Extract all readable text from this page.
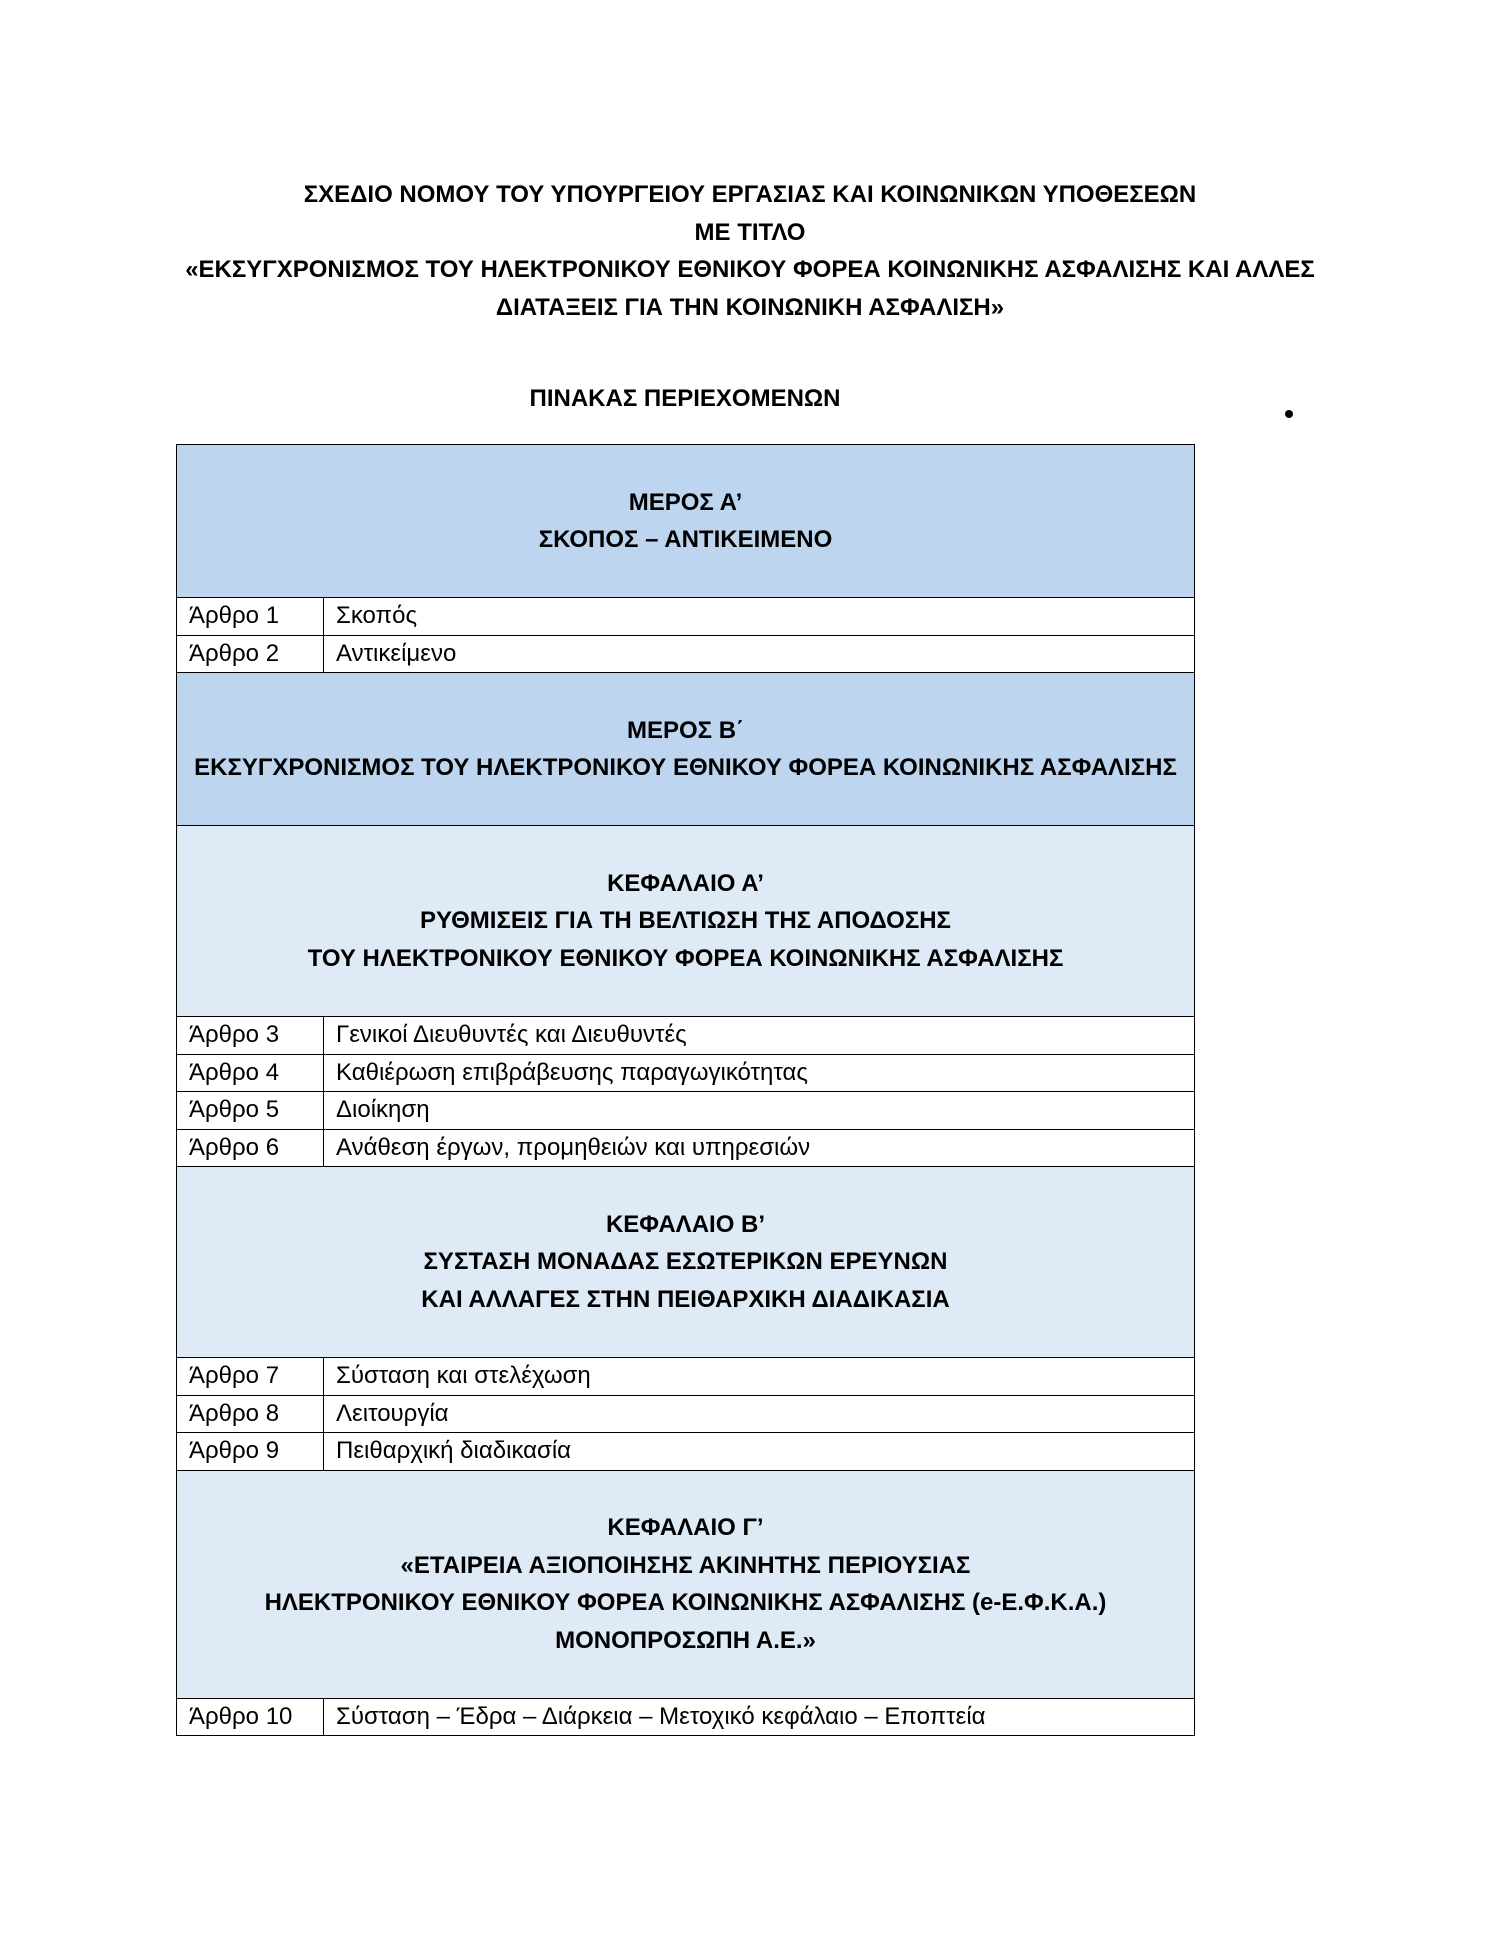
ΣΧΕΔΙΟ ΝΟΜΟΥ ΤΟΥ ΥΠΟΥΡΓΕΙΟΥ ΕΡΓΑΣΙΑΣ ΚΑΙ ΚΟΙΝΩΝΙΚΩΝ ΥΠΟΘΕΣΕΩΝ
ΜΕ ΤΙΤΛΟ
«ΕΚΣΥΓΧΡΟΝΙΣΜΟΣ ΤΟΥ ΗΛΕΚΤΡΟΝΙΚΟΥ ΕΘΝΙΚΟΥ ΦΟΡΕΑ ΚΟΙΝΩΝΙΚΗΣ ΑΣΦΑΛΙΣΗΣ ΚΑΙ ΑΛΛΕΣ
ΔΙΑΤΑΞΕΙΣ ΓΙΑ ΤΗΝ ΚΟΙΝΩΝΙΚΗ ΑΣΦΑΛΙΣΗ»
ΠΙΝΑΚΑΣ ΠΕΡΙΕΧΟΜΕΝΩΝ
ΜΕΡΟΣ Α’
ΣΚΟΠΟΣ – ΑΝΤΙΚΕΙΜΕΝΟ	

Άρθρο 1	Σκοπός
Άρθρο 2	Αντικείμενο

ΜΕΡΟΣ Β΄
ΕΚΣΥΓΧΡΟΝΙΣΜΟΣ ΤΟΥ ΗΛΕΚΤΡΟΝΙΚΟΥ ΕΘΝΙΚΟΥ ΦΟΡΕΑ ΚΟΙΝΩΝΙΚΗΣ ΑΣΦΑΛΙΣΗΣ	

ΚΕΦΑΛΑΙΟ Α’
ΡΥΘΜΙΣΕΙΣ ΓΙΑ ΤΗ ΒΕΛΤΙΩΣΗ ΤΗΣ ΑΠΟΔΟΣΗΣ
ΤΟΥ ΗΛΕΚΤΡΟΝΙΚΟΥ ΕΘΝΙΚΟΥ ΦΟΡΕΑ ΚΟΙΝΩΝΙΚΗΣ ΑΣΦΑΛΙΣΗΣ	

Άρθρο 3	Γενικοί Διευθυντές και Διευθυντές
Άρθρο 4	Καθιέρωση επιβράβευσης παραγωγικότητας
Άρθρο 5	Διοίκηση
Άρθρο 6	Ανάθεση έργων, προμηθειών και υπηρεσιών

ΚΕΦΑΛΑΙΟ Β’
ΣΥΣΤΑΣΗ ΜΟΝΑΔΑΣ ΕΣΩΤΕΡΙΚΩΝ ΕΡΕΥΝΩΝ
ΚΑΙ ΑΛΛΑΓΕΣ ΣΤΗΝ ΠΕΙΘΑΡΧΙΚΗ ΔΙΑΔΙΚΑΣΙΑ	

Άρθρο 7	Σύσταση και στελέχωση
Άρθρο 8	Λειτουργία
Άρθρο 9	Πειθαρχική διαδικασία

ΚΕΦΑΛΑΙΟ Γ’
«ΕΤΑΙΡΕΙΑ ΑΞΙΟΠΟΙΗΣΗΣ ΑΚΙΝΗΤΗΣ ΠΕΡΙΟΥΣΙΑΣ
ΗΛΕΚΤΡΟΝΙΚΟΥ ΕΘΝΙΚΟΥ ΦΟΡΕΑ ΚΟΙΝΩΝΙΚΗΣ ΑΣΦΑΛΙΣΗΣ (e-Ε.Φ.Κ.Α.)
ΜΟΝΟΠΡΟΣΩΠΗ Α.Ε.»	

Άρθρο 10	Σύσταση – Έδρα – Διάρκεια – Μετοχικό κεφάλαιο – Εποπτεία
